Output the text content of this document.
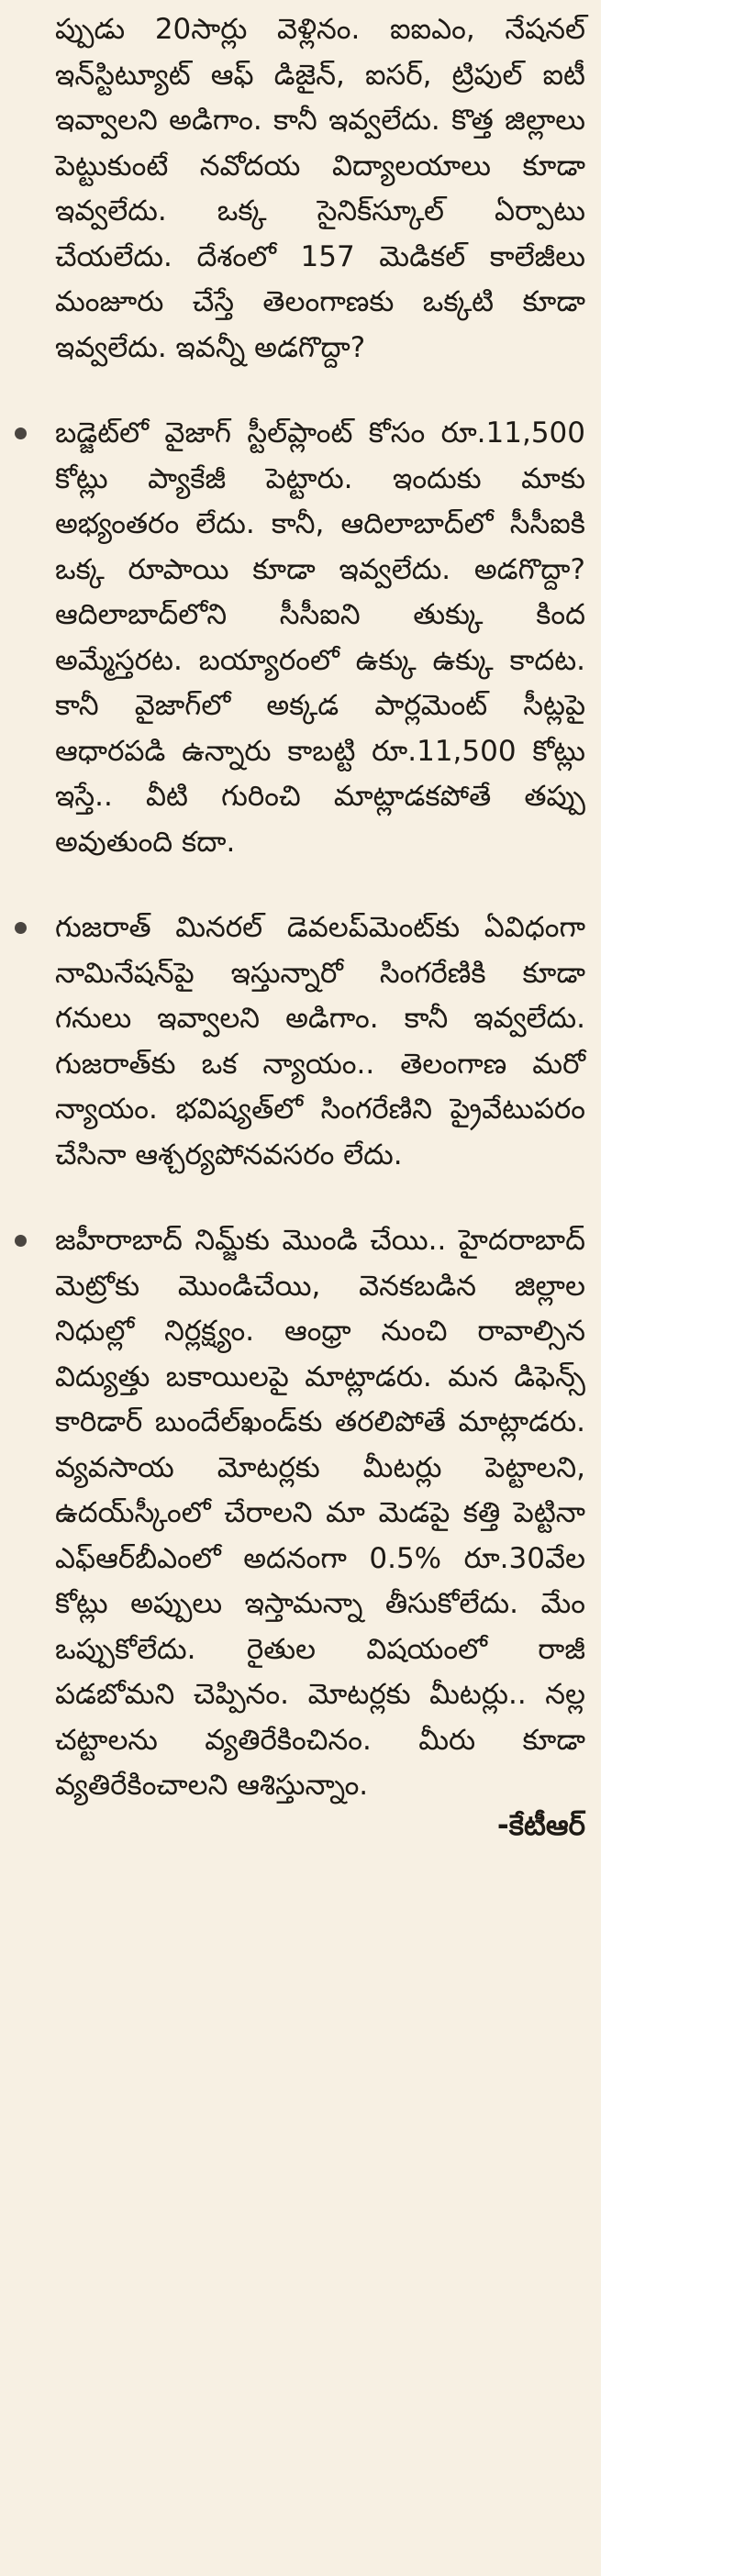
ప్పుడు 20సార్లు వెళ్లినం. ఐఐఎం, నేషనల్ ఇన్‌స్టిట్యూట్ ఆఫ్ డిజైన్, ఐసర్, ట్రిపుల్ ఐటీ ఇవ్వాలని అడిగాం. కానీ ఇవ్వలేదు. కొత్త జిల్లాలు పెట్టుకుంటే నవోదయ విద్యాలయాలు కూడా ఇవ్వలేదు. ఒక్క సైనిక్‌స్కూల్ ఏర్పాటు చేయలేదు. దేశంలో 157 మెడికల్ కాలేజీలు మంజూరు చేస్తే తెలంగాణకు ఒక్కటి కూడా ఇవ్వలేదు. ఇవన్నీ అడగొద్దా?

బడ్జెట్‌లో వైజాగ్ స్టీల్‌ప్లాంట్ కోసం రూ.11,500 కోట్లు ప్యాకేజీ పెట్టారు. ఇందుకు మాకు అభ్యంతరం లేదు. కానీ, ఆదిలాబాద్‌లో సీసీఐకి ఒక్క రూపాయి కూడా ఇవ్వలేదు. అడగొద్దా? ఆదిలాబాద్‌లోని సీసీఐని తుక్కు కింద అమ్మేస్తరట. బయ్యారంలో ఉక్కు ఉక్కు కాదట. కానీ వైజాగ్‌లో అక్కడ పార్లమెంట్ సీట్లపై ఆధారపడి ఉన్నారు కాబట్టి రూ.11,500 కోట్లు ఇస్తే.. వీటి గురించి మాట్లాడకపోతే తప్పు అవుతుంది కదా.

గుజరాత్ మినరల్ డెవలప్‌మెంట్‌కు ఏవిధంగా నామినేషన్‌పై ఇస్తున్నారో సింగరేణికి కూడా గనులు ఇవ్వాలని అడిగాం. కానీ ఇవ్వలేదు. గుజరాత్‌కు ఒక న్యాయం.. తెలంగాణ మరో న్యాయం. భవిష్యత్‌లో సింగరేణిని ప్రైవేటుపరం చేసినా ఆశ్చర్యపోనవసరం లేదు.

జహీరాబాద్ నిమ్జ్‌కు మొండి చేయి.. హైదరాబాద్ మెట్రోకు మొండిచేయి, వెనకబడిన జిల్లాల నిధుల్లో నిర్లక్ష్యం. ఆంధ్రా నుంచి రావాల్సిన విద్యుత్తు బకాయిలపై మాట్లాడరు. మన డిఫెన్స్ కారిడార్ బుందేల్‌ఖండ్‌కు తరలిపోతే మాట్లాడరు. వ్యవసాయ మోటర్లకు మీటర్లు పెట్టాలని, ఉదయ్‌స్కీంలో చేరాలని మా మెడపై కత్తి పెట్టినా ఎఫ్‌ఆర్‌బీఎంలో అదనంగా 0.5% రూ.30వేల కోట్లు అప్పులు ఇస్తామన్నా తీసుకోలేదు. మేం ఒప్పుకోలేదు. రైతుల విషయంలో రాజీ పడబోమని చెప్పినం. మోటర్లకు మీటర్లు.. నల్ల చట్టాలను వ్యతిరేకించినం. మీరు కూడా వ్యతిరేకించాలని ఆశిస్తున్నాం.

-కేటీఆర్
